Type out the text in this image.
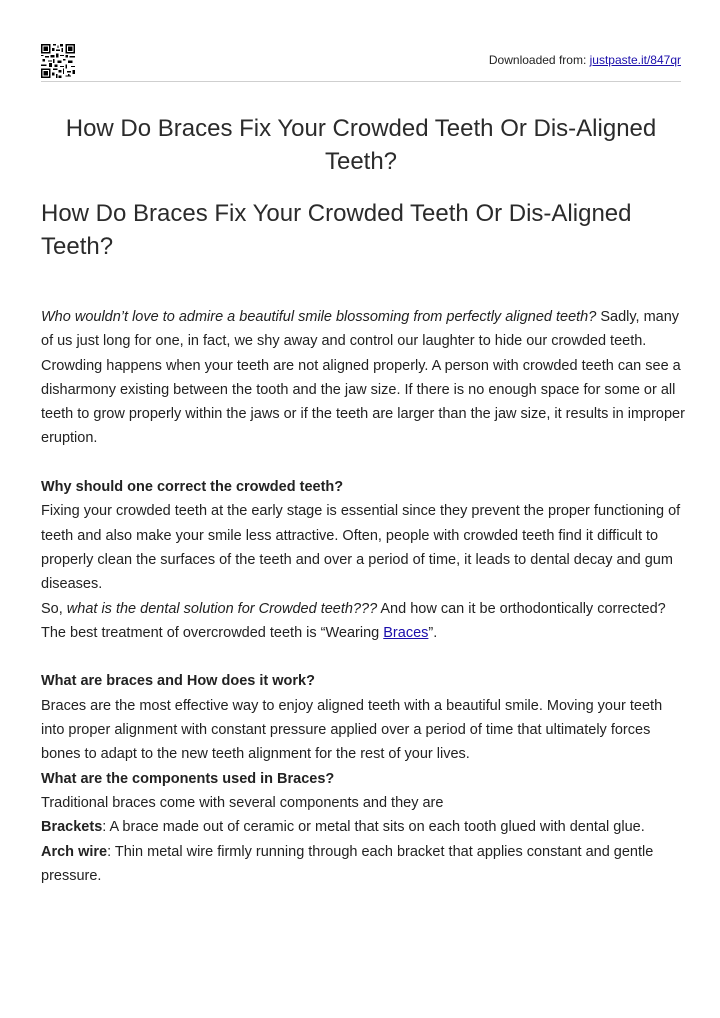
Downloaded from: justpaste.it/847qr
How Do Braces Fix Your Crowded Teeth Or Dis-Aligned Teeth?
How Do Braces Fix Your Crowded Teeth Or Dis-Aligned Teeth?

Who wouldn’t love to admire a beautiful smile blossoming from perfectly aligned teeth? Sadly, many of us just long for one, in fact, we shy away and control our laughter to hide our crowded teeth.

Crowding happens when your teeth are not aligned properly. A person with crowded teeth can see a disharmony existing between the tooth and the jaw size. If there is no enough space for some or all teeth to grow properly within the jaws or if the teeth are larger than the jaw size, it results in improper eruption.

Why should one correct the crowded teeth?

Fixing your crowded teeth at the early stage is essential since they prevent the proper functioning of teeth and also make your smile less attractive. Often, people with crowded teeth find it difficult to properly clean the surfaces of the teeth and over a period of time, it leads to dental decay and gum diseases.

So, what is the dental solution for Crowded teeth??? And how can it be orthodontically corrected?

The best treatment of overcrowded teeth is “Wearing Braces”.

What are braces and How does it work?

Braces are the most effective way to enjoy aligned teeth with a beautiful smile. Moving your teeth into proper alignment with constant pressure applied over a period of time that ultimately forces bones to adapt to the new teeth alignment for the rest of your lives.

What are the components used in Braces?

Traditional braces come with several components and they are

Brackets: A brace made out of ceramic or metal that sits on each tooth glued with dental glue.

Arch wire: Thin metal wire firmly running through each bracket that applies constant and gentle pressure.
